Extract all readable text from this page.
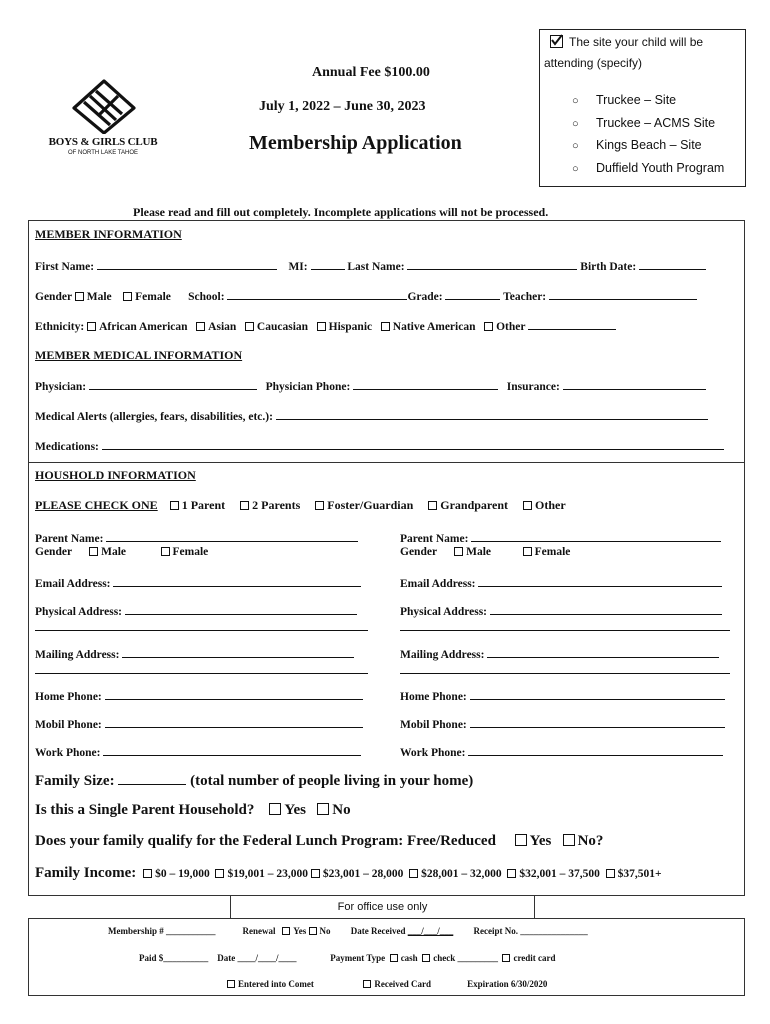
BOYS & GIRLS CLUB
OF NORTH LAKE TAHOE
Annual Fee $100.00
July 1, 2022 – June 30, 2023
Membership Application
The site your child will be
attending (specify)
○ Truckee – Site
○ Truckee – ACMS Site
○ Kings Beach – Site
○ Duffield Youth Program
Please read and fill out completely. Incomplete applications will not be processed.
MEMBER INFORMATION
First Name:	MI:	Last Name:	Birth Date:
Gender Male Female School:	Grade:	Teacher:
Ethnicity: African American Asian Caucasian Hispanic Native American Other
MEMBER MEDICAL INFORMATION
Physician:	Physician Phone:	Insurance:
Medical Alerts (allergies, fears, disabilities, etc.):
Medications:
HOUSHOLD INFORMATION
PLEASE CHECK ONE 1 Parent 2 Parents Foster/Guardian Grandparent Other
Parent Name:
Gender	Male	Female
Email Address:
Physical Address:
Mailing Address:
Home Phone:
Mobil Phone:
Work Phone:
Parent Name:
Gender	Male	Female
Email Address:
Physical Address:
Mailing Address:
Home Phone:
Mobil Phone:
Work Phone:
Family Size:	(total number of people living in your home)
Is this a Single Parent Household? Yes No
Does your family qualify for the Federal Lunch Program: Free/Reduced Yes No?
Family Income: $0 – 19,000 $19,001 – 23,000 $23,001 – 28,000 $28,001 – 32,000 $32,001 – 37,500 $37,501+
For office use only
Membership # ___________	Renewal Yes No Date Received ___/___/___ Receipt No. _______________
Paid $__________ Date ____/____/____	Payment Type cash check _________ credit card
Entered into Comet	Received Card	Expiration 6/30/2020
